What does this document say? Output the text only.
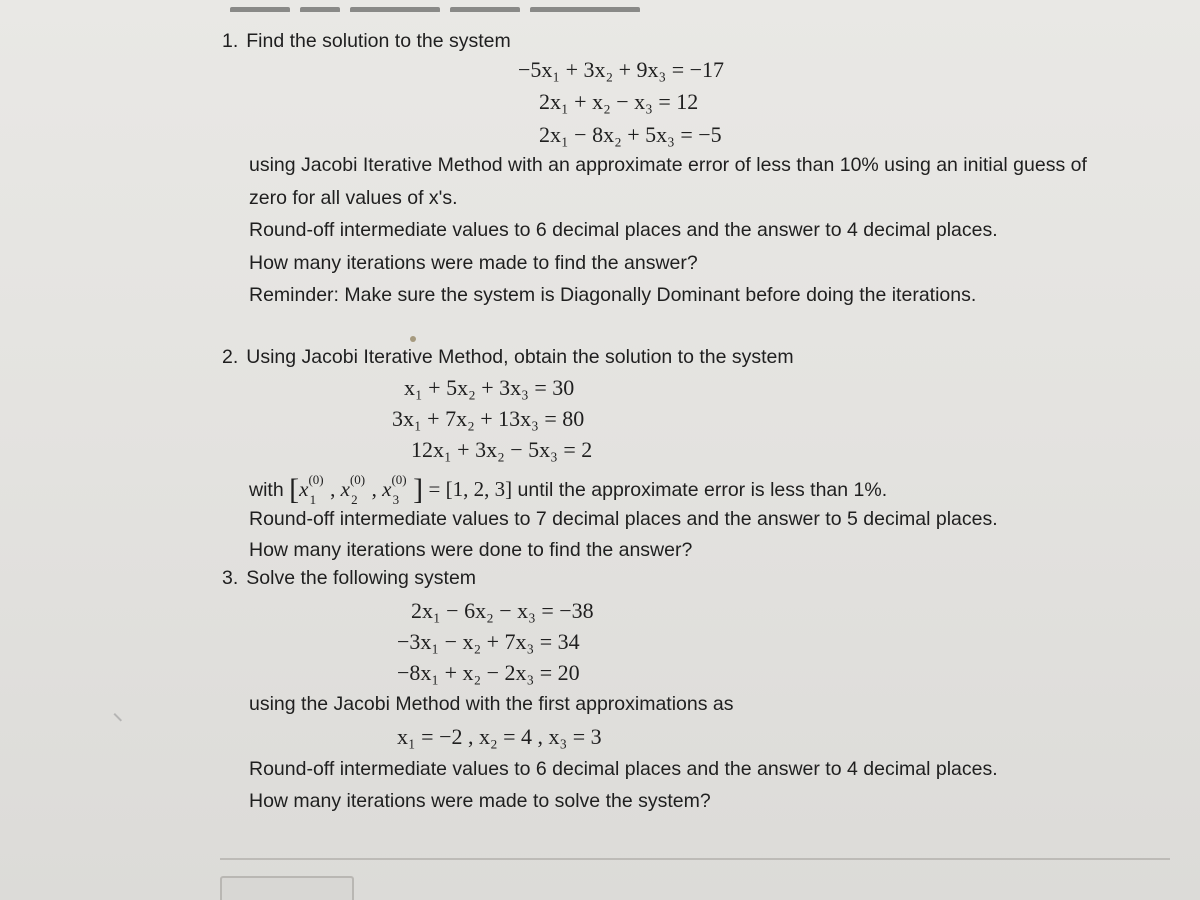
1. Find the solution to the system
−5x₁ + 3x₂ + 9x₃ = −17
2x₁ + x₂ − x₃ = 12
2x₁ − 8x₂ + 5x₃ = −5
using Jacobi Iterative Method with an approximate error of less than 10% using an initial guess of
zero for all values of x's.
Round-off intermediate values to 6 decimal places and the answer to 4 decimal places.
How many iterations were made to find the answer?
Reminder: Make sure the system is Diagonally Dominant before doing the iterations.
2. Using Jacobi Iterative Method, obtain the solution to the system
x₁ + 5x₂ + 3x₃ = 30
3x₁ + 7x₂ + 13x₃ = 80
12x₁ + 3x₂ − 5x₃ = 2
with [$x^{(0)}_1$ , $x^{(0)}_2$ , $x^{(0)}_3$ ] = [1, 2, 3] until the approximate error is less than 1%.
Round-off intermediate values to 7 decimal places and the answer to 5 decimal places.
How many iterations were done to find the answer?
3. Solve the following system
2x₁ − 6x₂ − x₃ = −38
−3x₁ − x₂ + 7x₃ = 34
−8x₁ + x₂ − 2x₃ = 20
using the Jacobi Method with the first approximations as
x₁ = −2 , x₂ = 4 , x₃ = 3
Round-off intermediate values to 6 decimal places and the answer to 4 decimal places.
How many iterations were made to solve the system?
